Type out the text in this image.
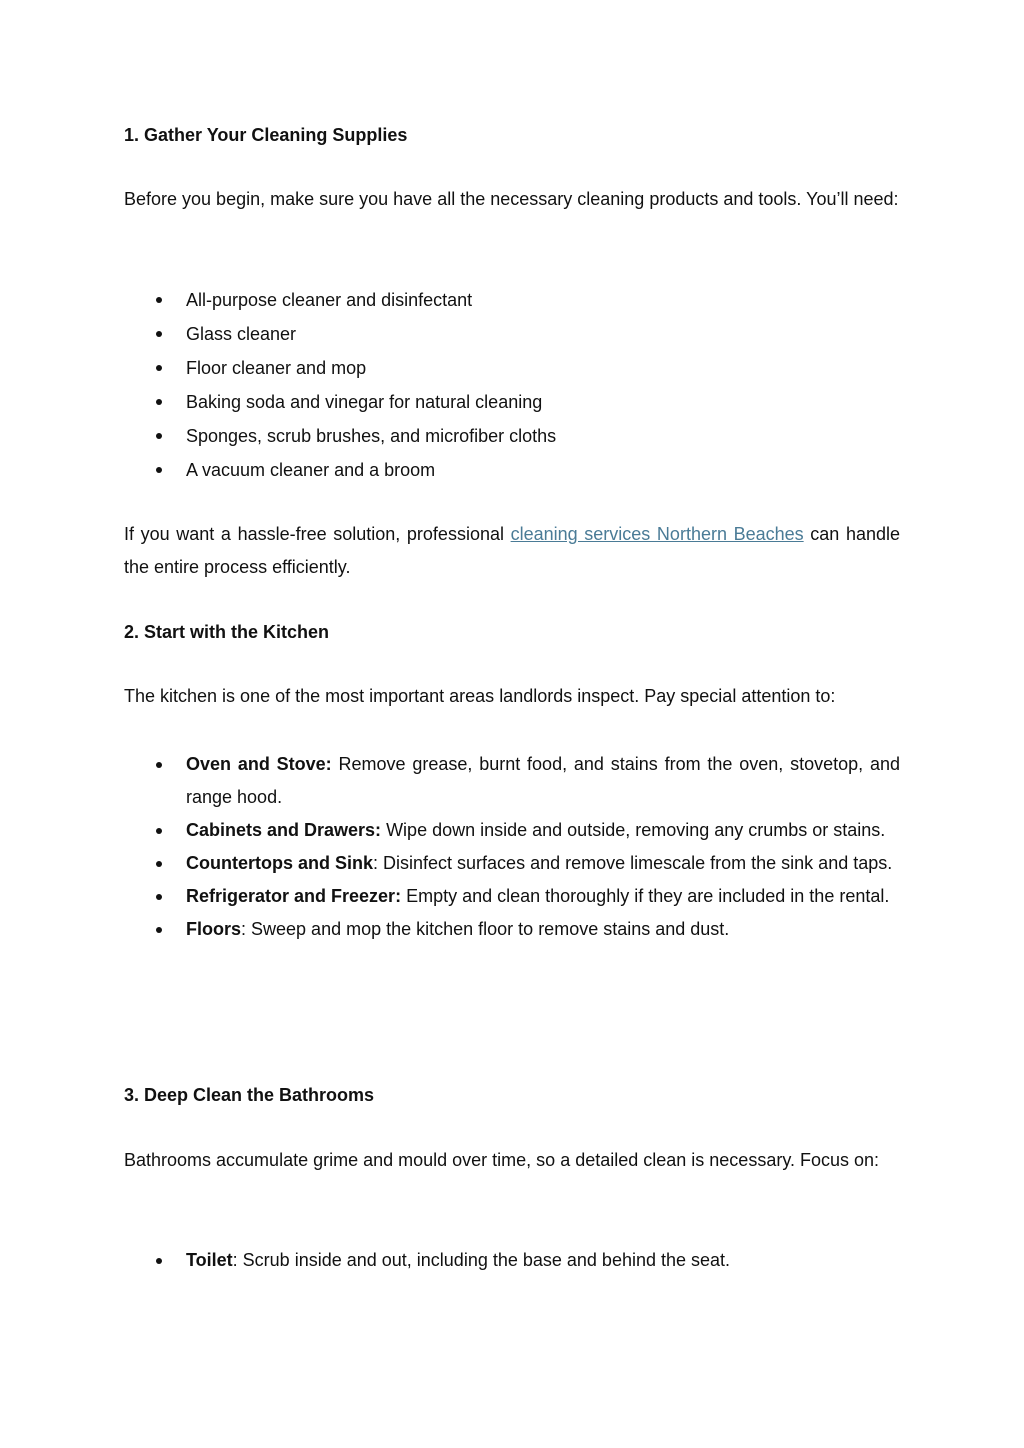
1. Gather Your Cleaning Supplies

Before you begin, make sure you have all the necessary cleaning products and tools. You’ll need:

All-purpose cleaner and disinfectant
Glass cleaner
Floor cleaner and mop
Baking soda and vinegar for natural cleaning
Sponges, scrub brushes, and microfiber cloths
A vacuum cleaner and a broom

If you want a hassle-free solution, professional cleaning services Northern Beaches can handle the entire process efficiently.

2. Start with the Kitchen

The kitchen is one of the most important areas landlords inspect. Pay special attention to:

Oven and Stove: Remove grease, burnt food, and stains from the oven, stovetop, and range hood.
Cabinets and Drawers: Wipe down inside and outside, removing any crumbs or stains.
Countertops and Sink: Disinfect surfaces and remove limescale from the sink and taps.
Refrigerator and Freezer: Empty and clean thoroughly if they are included in the rental.
Floors: Sweep and mop the kitchen floor to remove stains and dust.
3. Deep Clean the Bathrooms

Bathrooms accumulate grime and mould over time, so a detailed clean is necessary. Focus on:

Toilet: Scrub inside and out, including the base and behind the seat.
